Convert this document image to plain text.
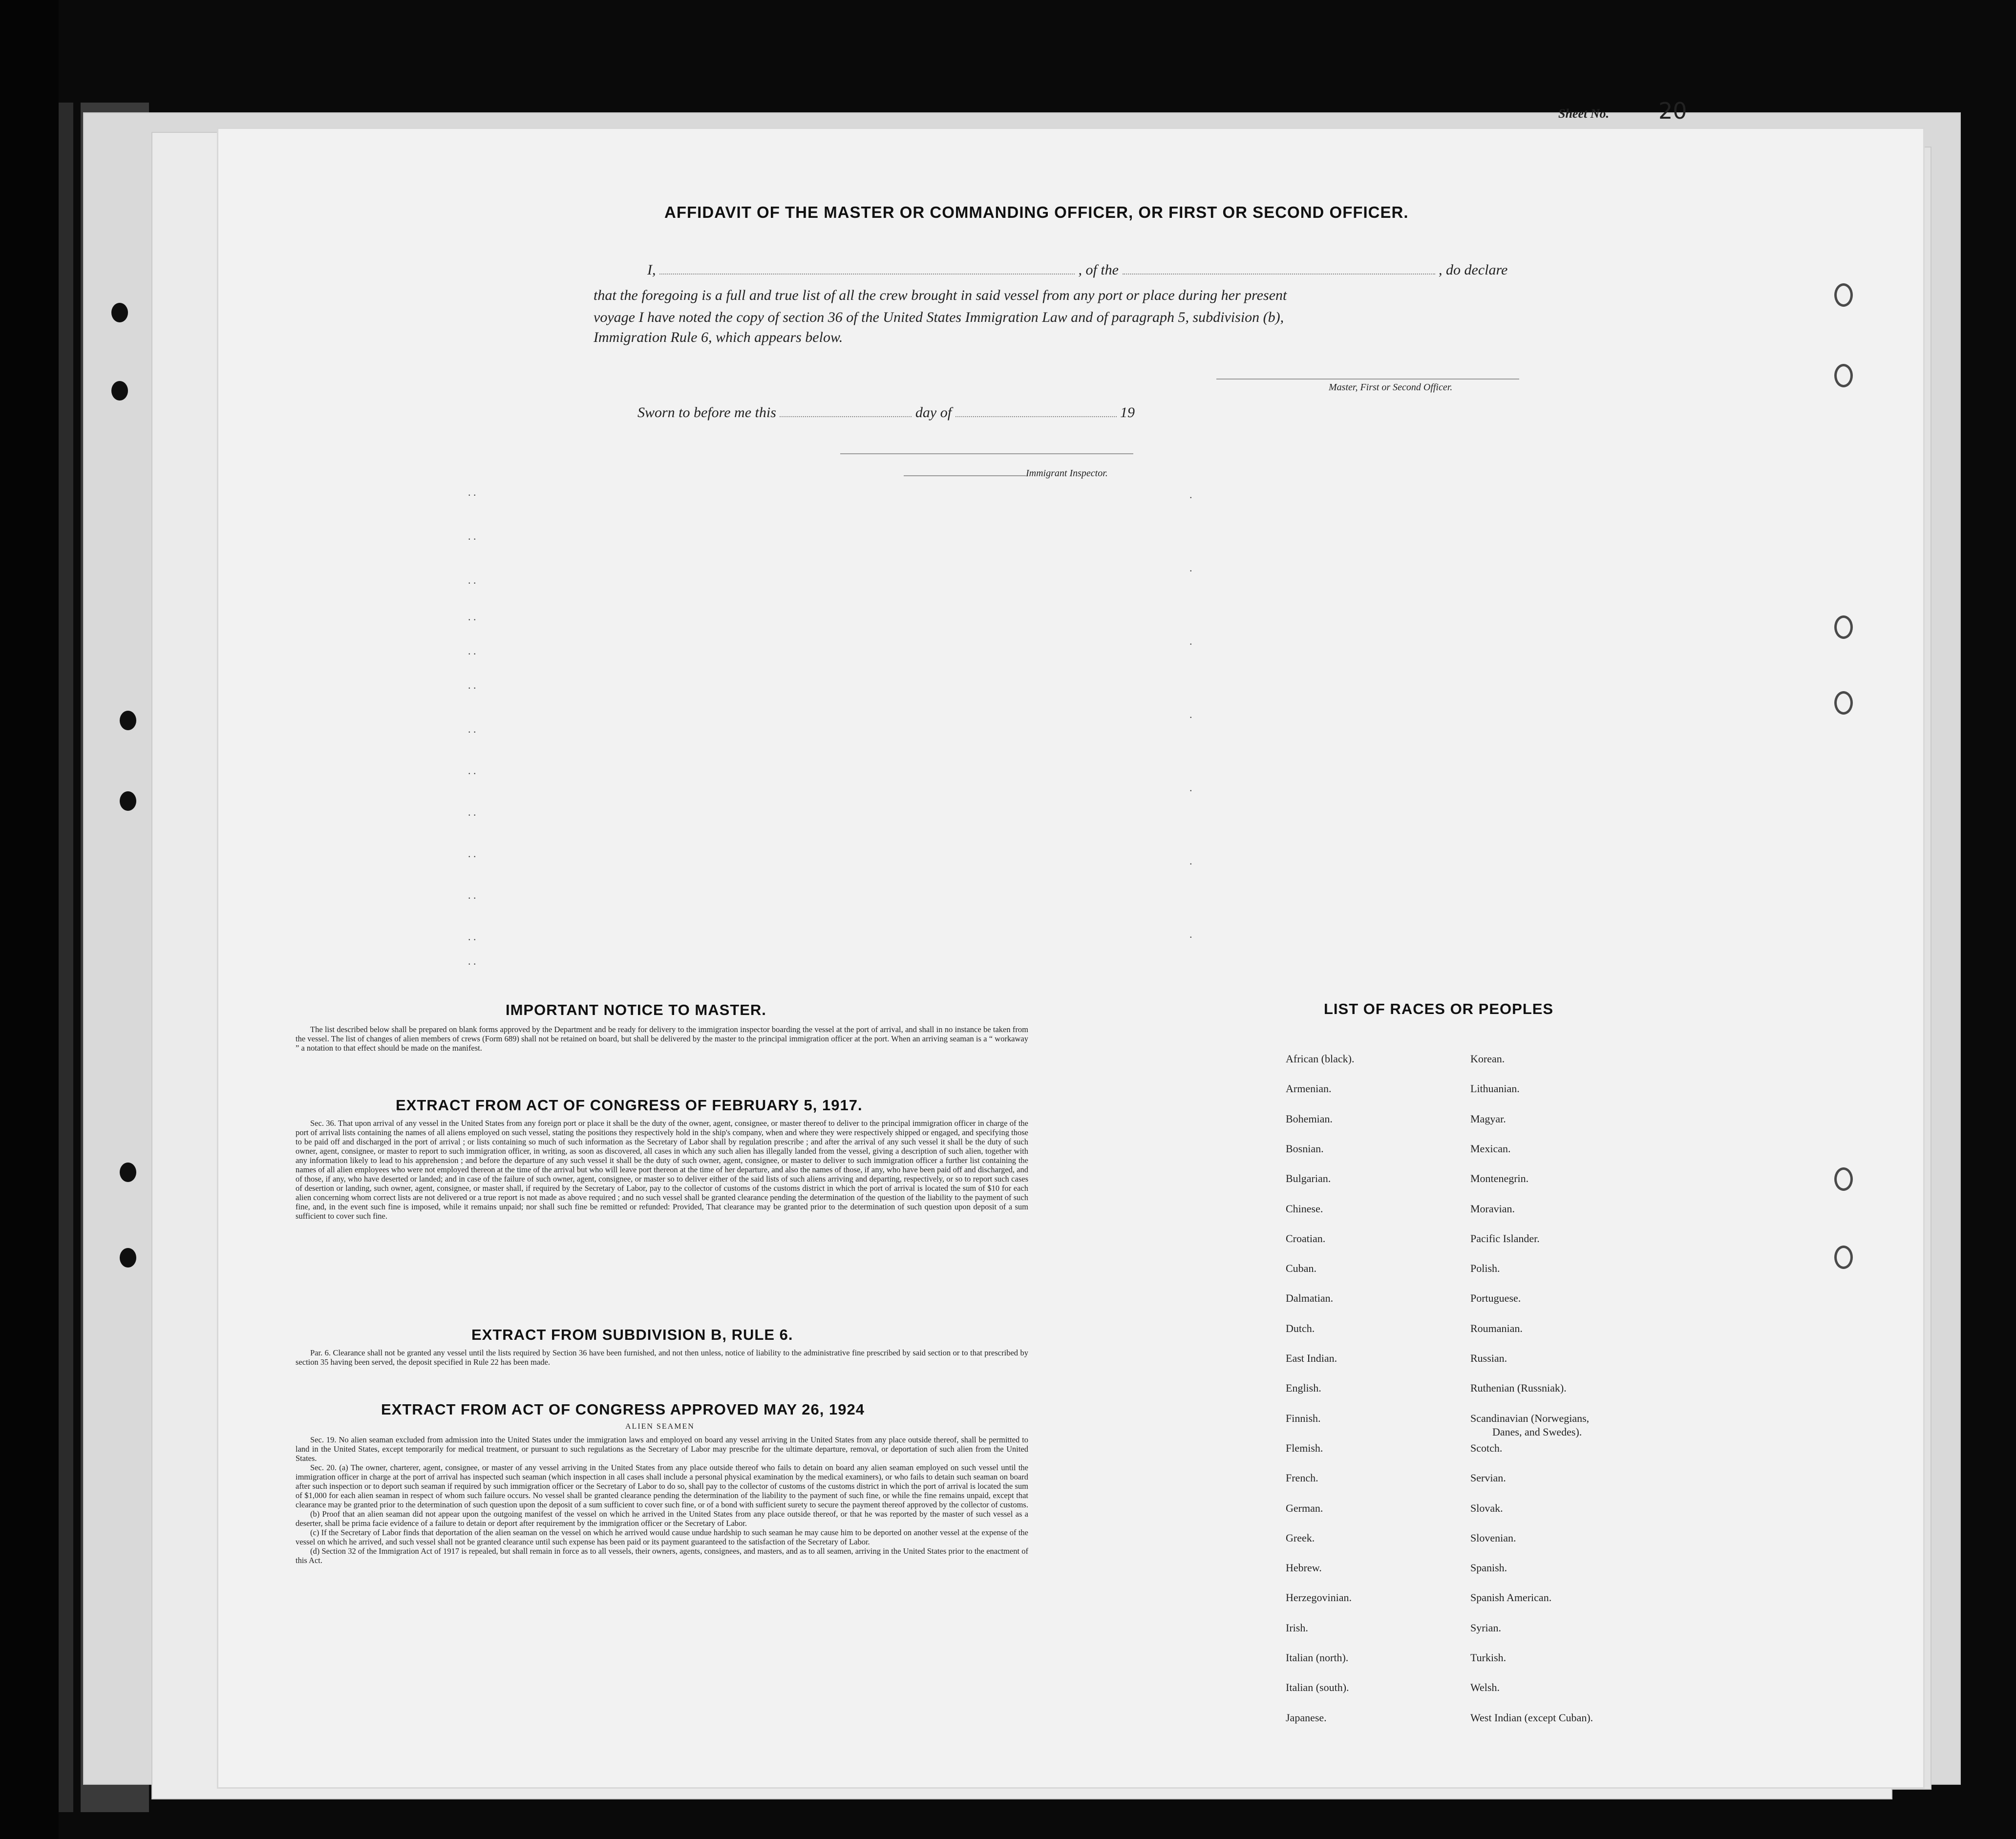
Sheet No. 20
AFFIDAVIT OF THE MASTER OR COMMANDING OFFICER, OR FIRST OR SECOND OFFICER.
I,	, of the	, do declare
that the foregoing is a full and true list of all the crew brought in said vessel from any port or place during her present
voyage I have noted the copy of section 36 of the United States Immigration Law and of paragraph 5, subdivision (b),
Immigration Rule 6, which appears below.
Master, First or Second Officer.
Sworn to before me this	day of	19
Immigrant Inspector.
. .
. .
. .
. .
. .
. .
. .
. .
. .
. .
. .
. .
. .
.
.
.
.
.
.
.
IMPORTANT NOTICE TO MASTER.

The list described below shall be prepared on blank forms approved by the Department and be ready for delivery to the immigration inspector boarding the vessel at the port of arrival, and shall in no instance be taken from the vessel. The list of changes of alien members of crews (Form 689) shall not be retained on board, but shall be delivered by the master to the principal immigration officer at the port. When an arriving seaman is a “ workaway ” a notation to that effect should be made on the manifest.

EXTRACT FROM ACT OF CONGRESS OF FEBRUARY 5, 1917.

Sec. 36. That upon arrival of any vessel in the United States from any foreign port or place it shall be the duty of the owner, agent, consignee, or master thereof to deliver to the principal immigration officer in charge of the port of arrival lists containing the names of all aliens employed on such vessel, stating the positions they respectively hold in the ship's company, when and where they were respectively shipped or engaged, and specifying those to be paid off and discharged in the port of arrival ; or lists containing so much of such information as the Secretary of Labor shall by regulation prescribe ; and after the arrival of any such vessel it shall be the duty of such owner, agent, consignee, or master to report to such immigration officer, in writing, as soon as discovered, all cases in which any such alien has illegally landed from the vessel, giving a description of such alien, together with any information likely to lead to his apprehension ; and before the departure of any such vessel it shall be the duty of such owner, agent, consignee, or master to deliver to such immigration officer a further list containing the names of all alien employees who were not employed thereon at the time of the arrival but who will leave port thereon at the time of her departure, and also the names of those, if any, who have been paid off and discharged, and of those, if any, who have deserted or landed; and in case of the failure of such owner, agent, consignee, or master so to deliver either of the said lists of such aliens arriving and departing, respectively, or so to report such cases of desertion or landing, such owner, agent, consignee, or master shall, if required by the Secretary of Labor, pay to the collector of customs of the customs district in which the port of arrival is located the sum of $10 for each alien concerning whom correct lists are not delivered or a true report is not made as above required ; and no such vessel shall be granted clearance pending the determination of the question of the liability to the payment of such fine, and, in the event such fine is imposed, while it remains unpaid; nor shall such fine be remitted or refunded: Provided, That clearance may be granted prior to the determination of such question upon deposit of a sum sufficient to cover such fine.

EXTRACT FROM SUBDIVISION B, RULE 6.

Par. 6. Clearance shall not be granted any vessel until the lists required by Section 36 have been furnished, and not then unless, notice of liability to the administrative fine prescribed by said section or to that prescribed by section 35 having been served, the deposit specified in Rule 22 has been made.

EXTRACT FROM ACT OF CONGRESS APPROVED MAY 26, 1924
ALIEN SEAMEN

Sec. 19. No alien seaman excluded from admission into the United States under the immigration laws and employed on board any vessel arriving in the United States from any place outside thereof, shall be permitted to land in the United States, except temporarily for medical treatment, or pursuant to such regulations as the Secretary of Labor may prescribe for the ultimate departure, removal, or deportation of such alien from the United States.

Sec. 20. (a) The owner, charterer, agent, consignee, or master of any vessel arriving in the United States from any place outside thereof who fails to detain on board any alien seaman employed on such vessel until the immigration officer in charge at the port of arrival has inspected such seaman (which inspection in all cases shall include a personal physical examination by the medical examiners), or who fails to detain such seaman on board after such inspection or to deport such seaman if required by such immigration officer or the Secretary of Labor to do so, shall pay to the collector of customs of the customs district in which the port of arrival is located the sum of $1,000 for each alien seaman in respect of whom such failure occurs. No vessel shall be granted clearance pending the determination of the liability to the payment of such fine, or while the fine remains unpaid, except that clearance may be granted prior to the determination of such question upon the deposit of a sum sufficient to cover such fine, or of a bond with sufficient surety to secure the payment thereof approved by the collector of customs.

(b) Proof that an alien seaman did not appear upon the outgoing manifest of the vessel on which he arrived in the United States from any place outside thereof, or that he was reported by the master of such vessel as a deserter, shall be prima facie evidence of a failure to detain or deport after requirement by the immigration officer or the Secretary of Labor.

(c) If the Secretary of Labor finds that deportation of the alien seaman on the vessel on which he arrived would cause undue hardship to such seaman he may cause him to be deported on another vessel at the expense of the vessel on which he arrived, and such vessel shall not be granted clearance until such expense has been paid or its payment guaranteed to the satisfaction of the Secretary of Labor.

(d) Section 32 of the Immigration Act of 1917 is repealed, but shall remain in force as to all vessels, their owners, agents, consignees, and masters, and as to all seamen, arriving in the United States prior to the enactment of this Act.

LIST OF RACES OR PEOPLES
African (black).
Armenian.
Bohemian.
Bosnian.
Bulgarian.
Chinese.
Croatian.
Cuban.
Dalmatian.
Dutch.
East Indian.
English.
Finnish.
Flemish.
French.
German.
Greek.
Hebrew.
Herzegovinian.
Irish.
Italian (north).
Italian (south).
Japanese.
Korean.
Lithuanian.
Magyar.
Mexican.
Montenegrin.
Moravian.
Pacific Islander.
Polish.
Portuguese.
Roumanian.
Russian.
Ruthenian (Russniak).
Scandinavian (Norwegians,
Danes, and Swedes).
Scotch.
Servian.
Slovak.
Slovenian.
Spanish.
Spanish American.
Syrian.
Turkish.
Welsh.
West Indian (except Cuban).
